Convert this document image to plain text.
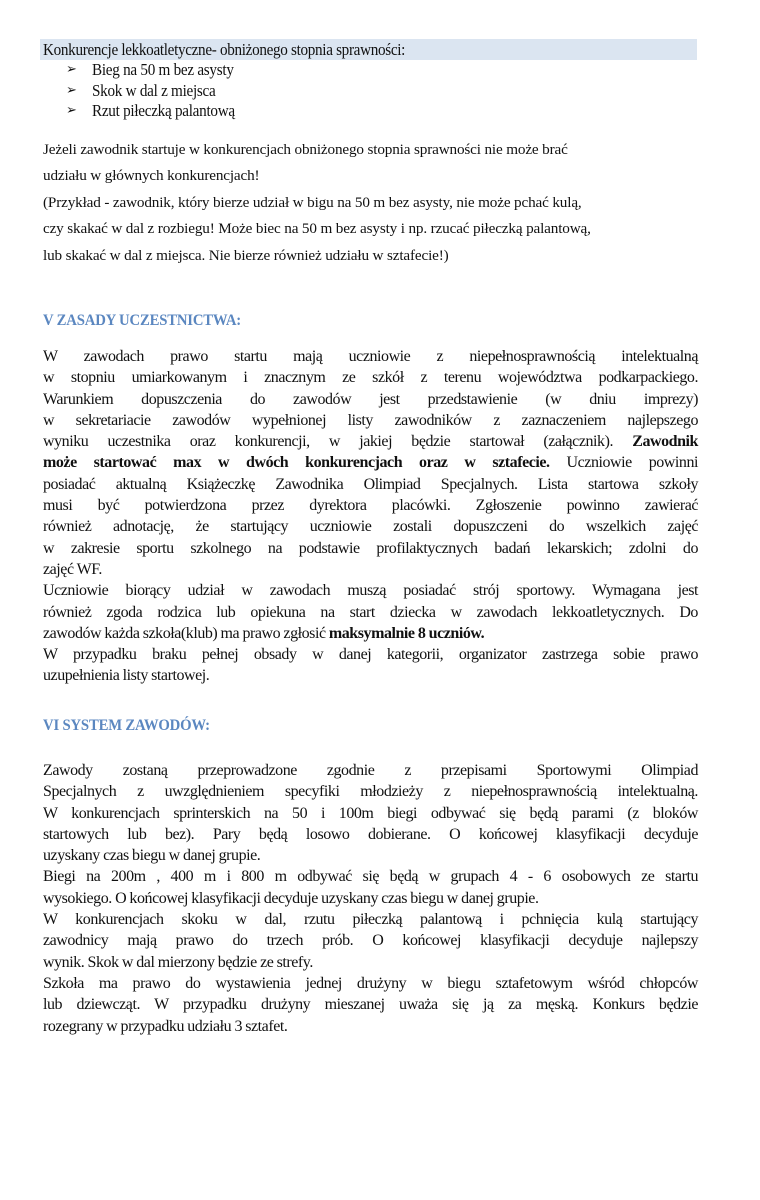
Konkurencje lekkoatletyczne- obniżonego stopnia sprawności:
➢ Bieg na 50 m bez asysty
➢ Skok w dal z miejsca
➢ Rzut piłeczką palantową

Jeżeli zawodnik startuje w konkurencjach obniżonego stopnia sprawności nie może brać

udziału w głównych konkurencjach!

(Przykład - zawodnik, który bierze udział w bigu na 50 m bez asysty, nie może pchać kulą,

czy skakać w dal z rozbiegu! Może biec na 50 m bez asysty i np. rzucać piłeczką palantową,

lub skakać w dal z miejsca. Nie bierze również udziału w sztafecie!)

V ZASADY UCZESTNICTWA:
W zawodach prawo startu mają uczniowie z niepełnosprawnością intelektualną
w stopniu umiarkowanym i znacznym ze szkół z terenu województwa podkarpackiego.
Warunkiem dopuszczenia do zawodów jest przedstawienie (w dniu imprezy)
w sekretariacie zawodów wypełnionej listy zawodników z zaznaczeniem najlepszego
wyniku uczestnika oraz konkurencji, w jakiej będzie startował (załącznik). Zawodnik
może startować max w dwóch konkurencjach oraz w sztafecie. Uczniowie powinni
posiadać aktualną Książeczkę Zawodnika Olimpiad Specjalnych. Lista startowa szkoły
musi być potwierdzona przez dyrektora placówki. Zgłoszenie powinno zawierać
również adnotację, że startujący uczniowie zostali dopuszczeni do wszelkich zajęć
w zakresie sportu szkolnego na podstawie profilaktycznych badań lekarskich; zdolni do
zajęć WF.
Uczniowie biorący udział w zawodach muszą posiadać strój sportowy. Wymagana jest
również zgoda rodzica lub opiekuna na start dziecka w zawodach lekkoatletycznych. Do
zawodów każda szkoła(klub) ma prawo zgłosić maksymalnie 8 uczniów.
W przypadku braku pełnej obsady w danej kategorii, organizator zastrzega sobie prawo
uzupełnienia listy startowej.
VI SYSTEM ZAWODÓW:
Zawody zostaną przeprowadzone zgodnie z przepisami Sportowymi Olimpiad
Specjalnych z uwzględnieniem specyfiki młodzieży z niepełnosprawnością intelektualną.
W konkurencjach sprinterskich na 50 i 100m biegi odbywać się będą parami (z bloków
startowych lub bez). Pary będą losowo dobierane. O końcowej klasyfikacji decyduje
uzyskany czas biegu w danej grupie.
Biegi na 200m , 400 m i 800 m odbywać się będą w grupach 4 - 6 osobowych ze startu
wysokiego. O końcowej klasyfikacji decyduje uzyskany czas biegu w danej grupie.
W konkurencjach skoku w dal, rzutu piłeczką palantową i pchnięcia kulą startujący
zawodnicy mają prawo do trzech prób. O końcowej klasyfikacji decyduje najlepszy
wynik. Skok w dal mierzony będzie ze strefy.
Szkoła ma prawo do wystawienia jednej drużyny w biegu sztafetowym wśród chłopców
lub dziewcząt. W przypadku drużyny mieszanej uważa się ją za męską. Konkurs będzie
rozegrany w przypadku udziału 3 sztafet.
